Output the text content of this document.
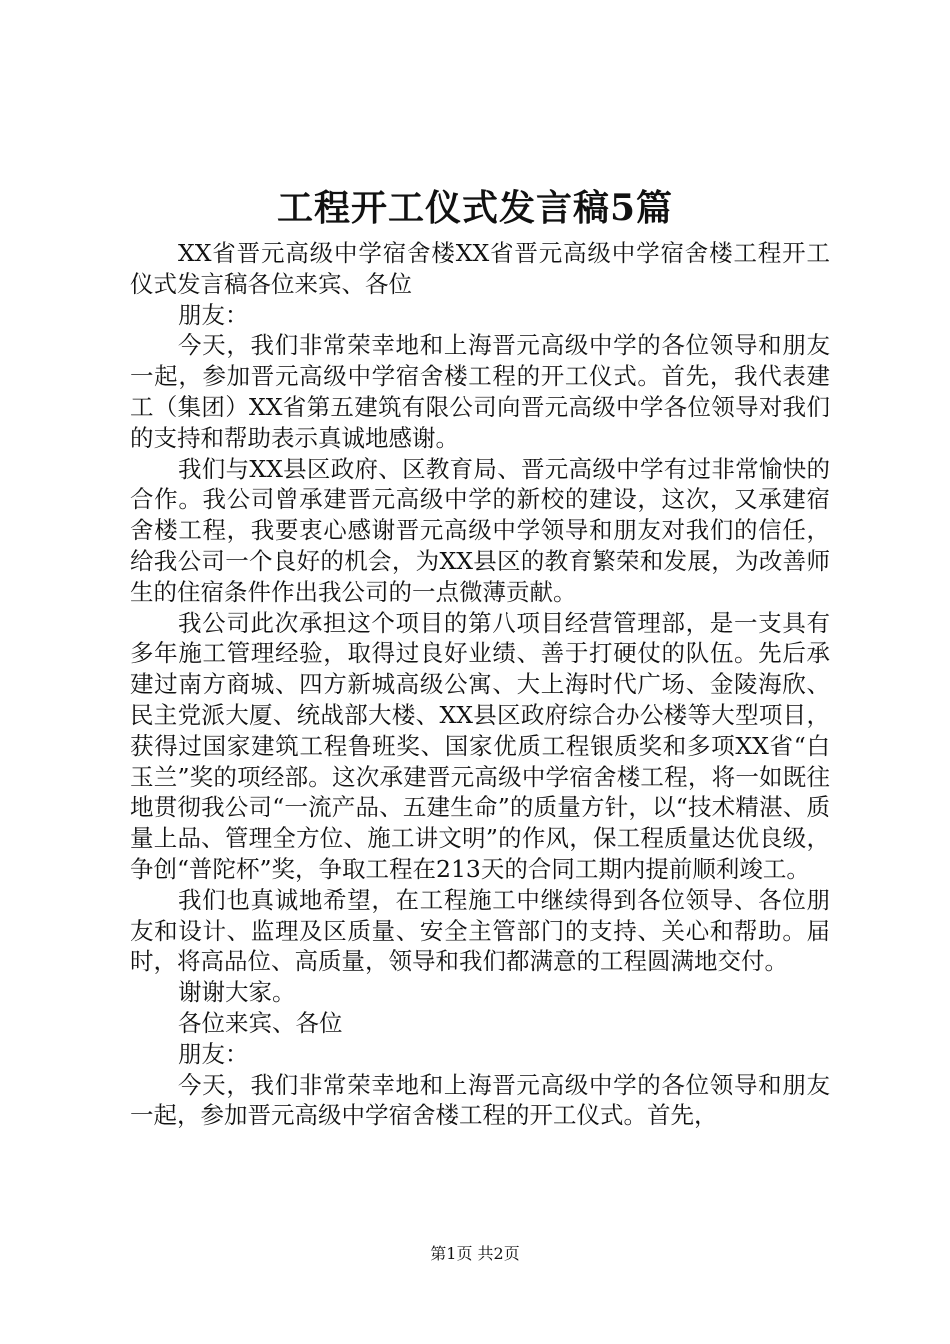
工程开工仪式发言稿5篇

XX省晋元高级中学宿舍楼XX省晋元高级中学宿舍楼工程开工仪式发言稿各位来宾、各位

朋友：

今天，我们非常荣幸地和上海晋元高级中学的各位领导和朋友一起，参加晋元高级中学宿舍楼工程的开工仪式。首先，我代表建工（集团）XX省第五建筑有限公司向晋元高级中学各位领导对我们的支持和帮助表示真诚地感谢。

我们与XX县区政府、区教育局、晋元高级中学有过非常愉快的合作。我公司曾承建晋元高级中学的新校的建设，这次，又承建宿舍楼工程，我要衷心感谢晋元高级中学领导和朋友对我们的信任，给我公司一个良好的机会，为XX县区的教育繁荣和发展，为改善师生的住宿条件作出我公司的一点微薄贡献。

我公司此次承担这个项目的第八项目经营管理部，是一支具有多年施工管理经验，取得过良好业绩、善于打硬仗的队伍。先后承建过南方商城、四方新城高级公寓、大上海时代广场、金陵海欣、民主党派大厦、统战部大楼、XX县区政府综合办公楼等大型项目，获得过国家建筑工程鲁班奖、国家优质工程银质奖和多项XX省“白玉兰”奖的项经部。这次承建晋元高级中学宿舍楼工程，将一如既往地贯彻我公司“一流产品、五建生命”的质量方针，以“技术精湛、质量上品、管理全方位、施工讲文明”的作风，保工程质量达优良级，争创“普陀杯”奖，争取工程在213天的合同工期内提前顺利竣工。

我们也真诚地希望，在工程施工中继续得到各位领导、各位朋友和设计、监理及区质量、安全主管部门的支持、关心和帮助。届时，将高品位、高质量，领导和我们都满意的工程圆满地交付。

谢谢大家。

各位来宾、各位

朋友：

今天，我们非常荣幸地和上海晋元高级中学的各位领导和朋友一起，参加晋元高级中学宿舍楼工程的开工仪式。首先，

第1页 共2页
